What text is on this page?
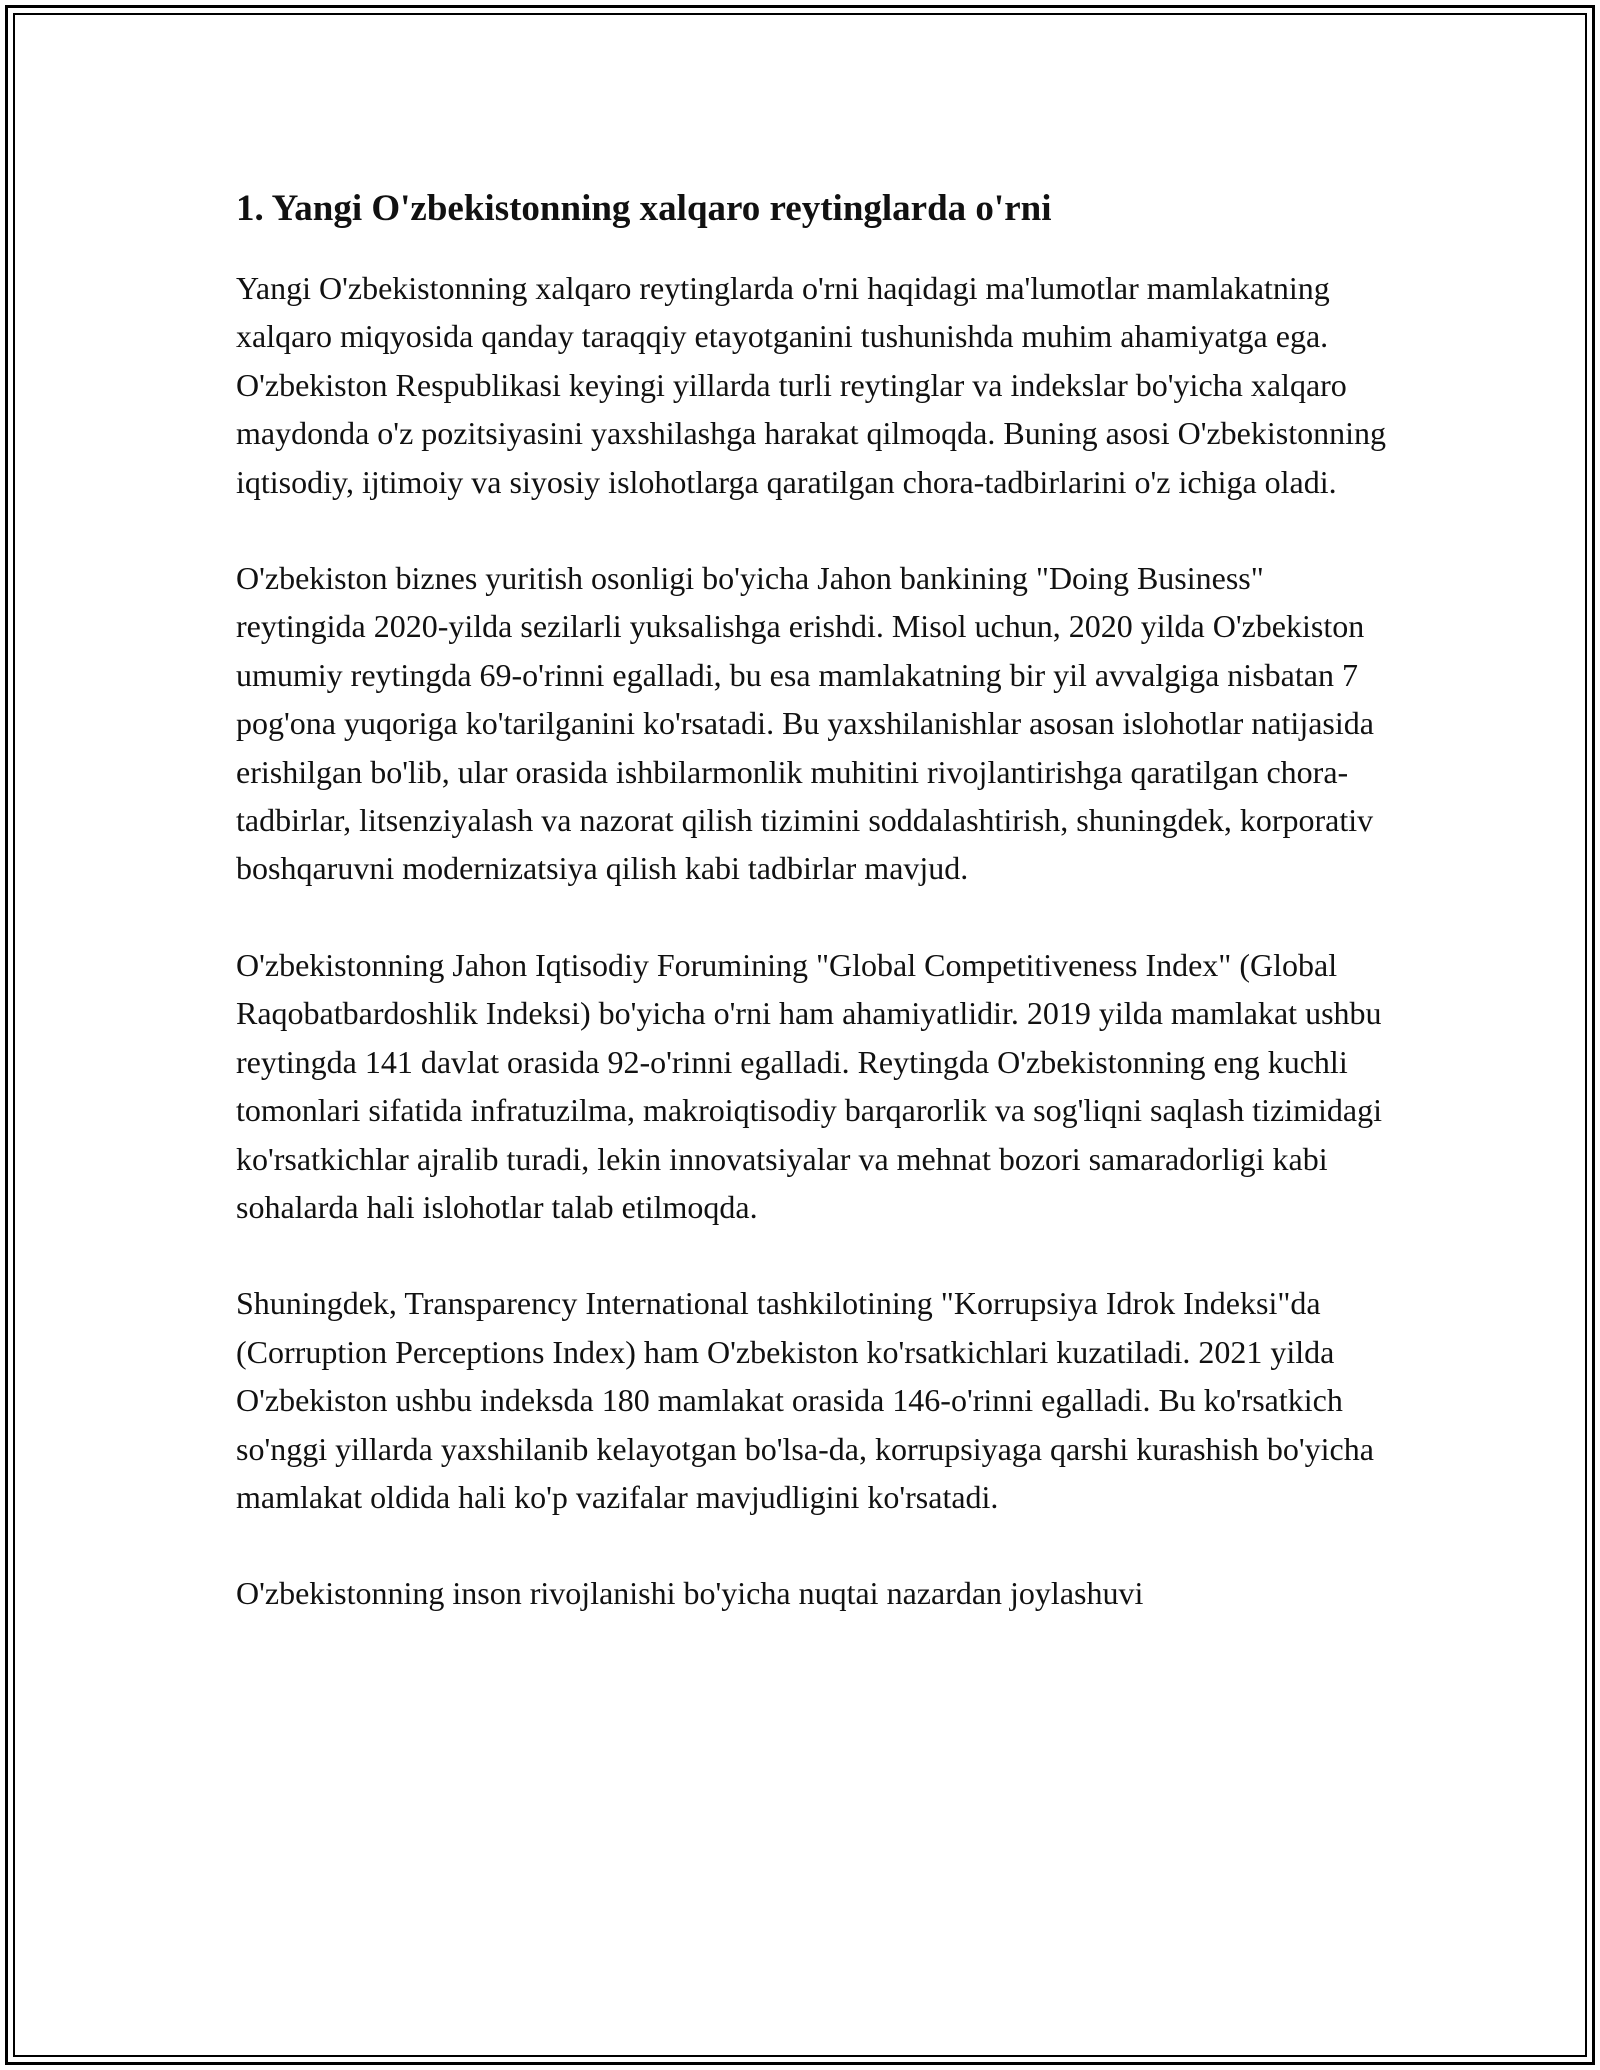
1. Yangi O'zbekistonning xalqaro reytinglarda o'rni

Yangi O'zbekistonning xalqaro reytinglarda o'rni haqidagi ma'lumotlar mamlakatning xalqaro miqyosida qanday taraqqiy etayotganini tushunishda muhim ahamiyatga ega. O'zbekiston Respublikasi keyingi yillarda turli reytinglar va indekslar bo'yicha xalqaro maydonda o'z pozitsiyasini yaxshilashga harakat qilmoqda. Buning asosi O'zbekistonning iqtisodiy, ijtimoiy va siyosiy islohotlarga qaratilgan chora-tadbirlarini o'z ichiga oladi.

O'zbekiston biznes yuritish osonligi bo'yicha Jahon bankining "Doing Business" reytingida 2020-yilda sezilarli yuksalishga erishdi. Misol uchun, 2020 yilda O'zbekiston umumiy reytingda 69-o'rinni egalladi, bu esa mamlakatning bir yil avvalgiga nisbatan 7 pog'ona yuqoriga ko'tarilganini ko'rsatadi. Bu yaxshilanishlar asosan islohotlar natijasida erishilgan bo'lib, ular orasida ishbilarmonlik muhitini rivojlantirishga qaratilgan chora-tadbirlar, litsenziyalash va nazorat qilish tizimini soddalashtirish, shuningdek, korporativ boshqaruvni modernizatsiya qilish kabi tadbirlar mavjud.

O'zbekistonning Jahon Iqtisodiy Forumining "Global Competitiveness Index" (Global Raqobatbardoshlik Indeksi) bo'yicha o'rni ham ahamiyatlidir. 2019 yilda mamlakat ushbu reytingda 141 davlat orasida 92-o'rinni egalladi. Reytingda O'zbekistonning eng kuchli tomonlari sifatida infratuzilma, makroiqtisodiy barqarorlik va sog'liqni saqlash tizimidagi ko'rsatkichlar ajralib turadi, lekin innovatsiyalar va mehnat bozori samaradorligi kabi sohalarda hali islohotlar talab etilmoqda.

Shuningdek, Transparency International tashkilotining "Korrupsiya Idrok Indeksi"da (Corruption Perceptions Index) ham O'zbekiston ko'rsatkichlari kuzatiladi. 2021 yilda O'zbekiston ushbu indeksda 180 mamlakat orasida 146-o'rinni egalladi. Bu ko'rsatkich so'nggi yillarda yaxshilanib kelayotgan bo'lsa-da, korrupsiyaga qarshi kurashish bo'yicha mamlakat oldida hali ko'p vazifalar mavjudligini ko'rsatadi.

O'zbekistonning inson rivojlanishi bo'yicha nuqtai nazardan joylashuvi
